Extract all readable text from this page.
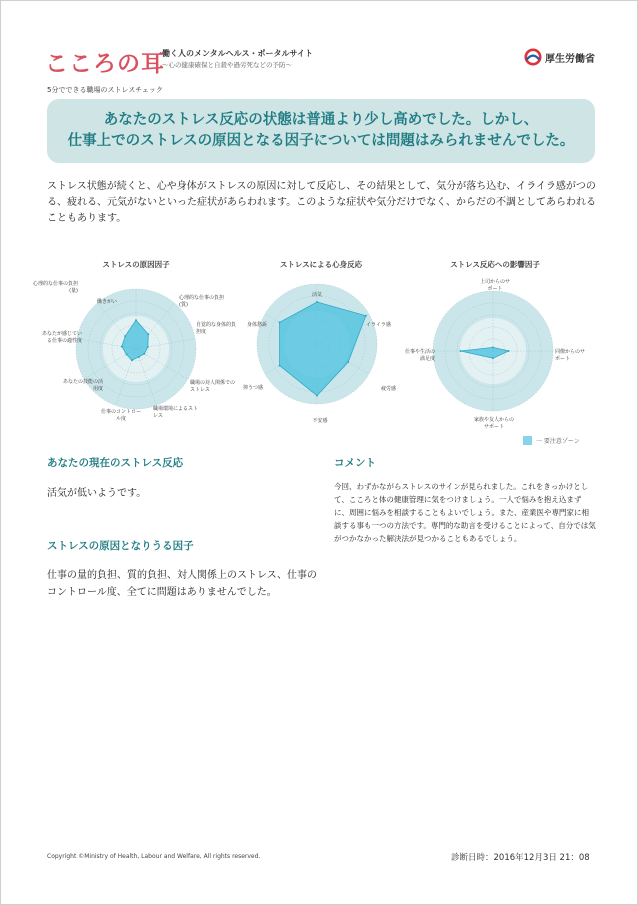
こころの耳
働く人のメンタルヘルス・ポータルサイト
〜心の健康確保と自殺や過労死などの予防〜
厚生労働省
5分でできる職場のストレスチェック
あなたのストレス反応の状態は普通より少し高めでした。しかし、
仕事上でのストレスの原因となる因子については問題はみられませんでした。
ストレス状態が続くと、心や身体がストレスの原因に対して反応し、その結果として、気分が落ち込む、イライラ感がつのる、疲れる、元気がないといった症状があらわれます。このような症状や気分だけでなく、からだの不調としてあらわれることもあります。
ストレスの原因因子
心理的な仕事の負担(量)
心理的な仕事の負担(質)
自覚的な身体的負担度
職場の対人関係でのストレス
職場環境によるストレス
仕事のコントロール度
あなたの技能の活用度
あなたが感じている仕事の適性度
働きがい
ストレスによる心身反応
活気
イライラ感
疲労感
不安感
抑うつ感
身体愁訴
ストレス反応への影響因子
上司からのサポート
同僚からのサポート
家族や友人からのサポート
仕事や生活の満足度
一 要注意ゾーン
あなたの現在のストレス反応
活気が低いようです。
ストレスの原因となりうる因子
仕事の量的負担、質的負担、対人関係上のストレス、仕事のコントロール度、全てに問題はありませんでした。
コメント
今回、わずかながらストレスのサインが見られました。これをきっかけとして、こころと体の健康管理に気をつけましょう。一人で悩みを抱え込まずに、周囲に悩みを相談することもよいでしょう。また、産業医や専門家に相談する事も一つの方法です。専門的な助言を受けることによって、自分では気がつかなかった解決法が見つかることもあるでしょう。
Copyright ©Ministry of Health, Labour and Welfare, All rights reserved.	診断日時：2016年12月3日 21：08
